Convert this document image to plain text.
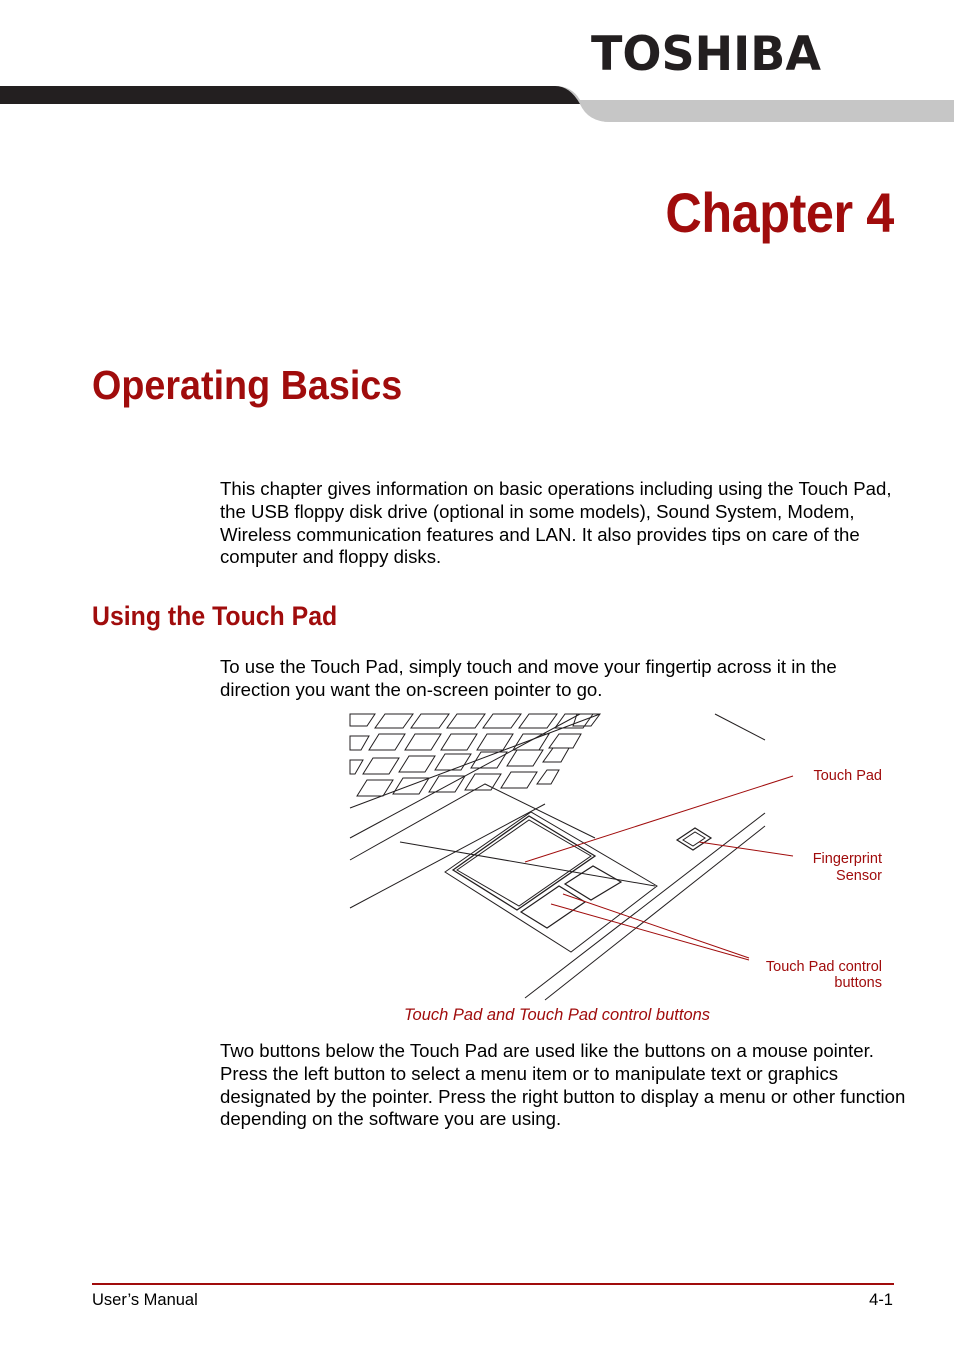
TOSHIBA
Chapter 4
Operating Basics

This chapter gives information on basic operations including using the Touch Pad, the USB floppy disk drive (optional in some models), Sound System, Modem, Wireless communication features and LAN. It also provides tips on care of the computer and floppy disks.

Using the Touch Pad

To use the Touch Pad, simply touch and move your fingertip across it in the direction you want the on-screen pointer to go.

Touch Pad
Fingerprint
Sensor
Touch Pad control
buttons
Touch Pad and Touch Pad control buttons

Two buttons below the Touch Pad are used like the buttons on a mouse pointer. Press the left button to select a menu item or to manipulate text or graphics designated by the pointer. Press the right button to display a menu or other function depending on the software you are using.

User’s Manual	4-1
